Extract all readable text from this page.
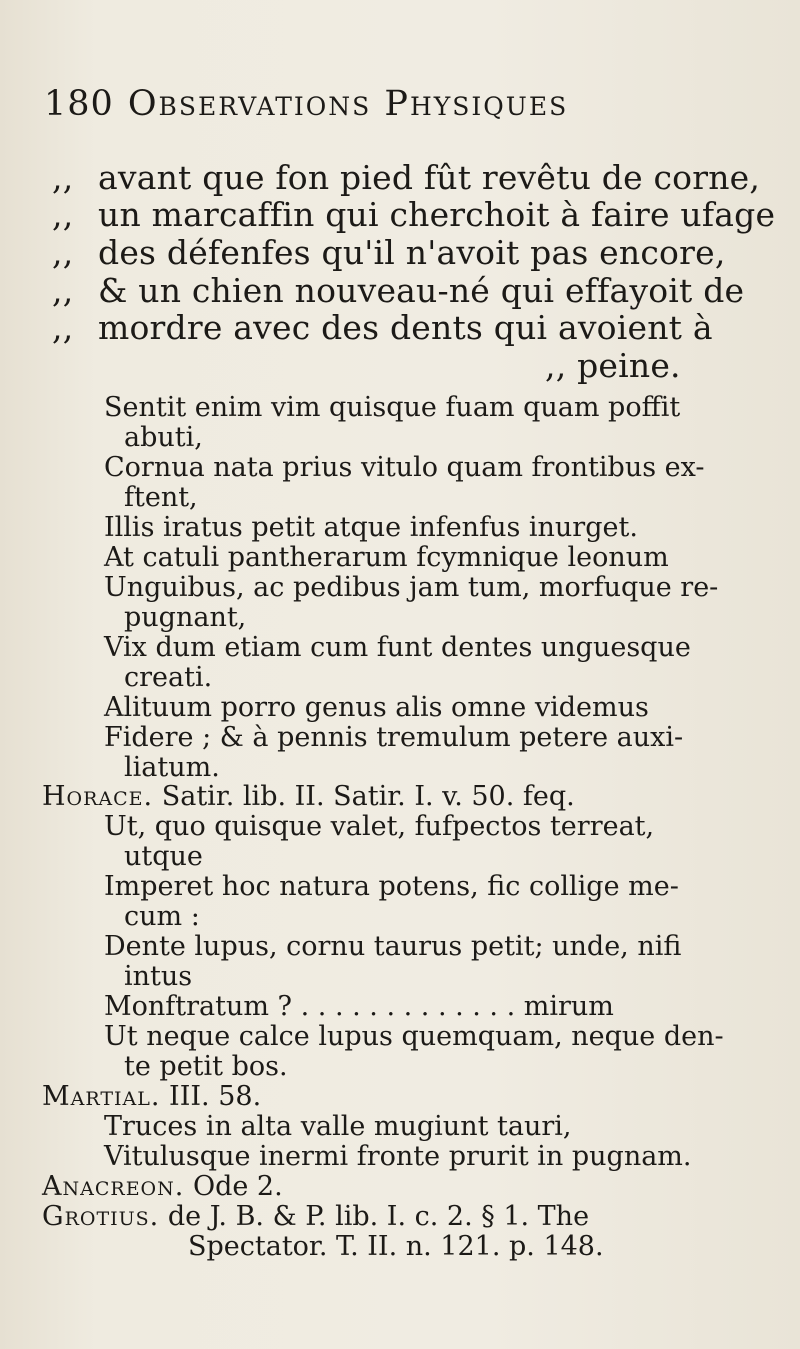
180 Observations Physiques
,, avant que fon pied fût revêtu de corne,
,, un marcaffin qui cherchoit à faire ufage
,, des défenfes qu'il n'avoit pas encore,
,, & un chien nouveau-né qui effayoit de
,, mordre avec des dents qui avoient à
,, peine.
Sentit enim vim quisque fuam quam poffit
abuti,
Cornua nata prius vitulo quam frontibus ex-
ftent,
Illis iratus petit atque infenfus inurget.
At catuli pantherarum fcymnique leonum
Unguibus, ac pedibus jam tum, morfuque re-
pugnant,
Vix dum etiam cum funt dentes unguesque
creati.
Alituum porro genus alis omne videmus
Fidere ; & à pennis tremulum petere auxi-
liatum.
Horace. Satir. lib. II. Satir. I. v. 50. feq.
Ut, quo quisque valet, fufpectos terreat,
utque
Imperet hoc natura potens, fic collige me-
cum :
Dente lupus, cornu taurus petit; unde, nifi
intus
Monftratum ? . . . . . . . . . . . . . mirum
Ut neque calce lupus quemquam, neque den-
te petit bos.
Martial. III. 58.
Truces in alta valle mugiunt tauri,
Vitulusque inermi fronte prurit in pugnam.
Anacreon. Ode 2.
Grotius. de J. B. & P. lib. I. c. 2. § 1. The
Spectator. T. II. n. 121. p. 148.
